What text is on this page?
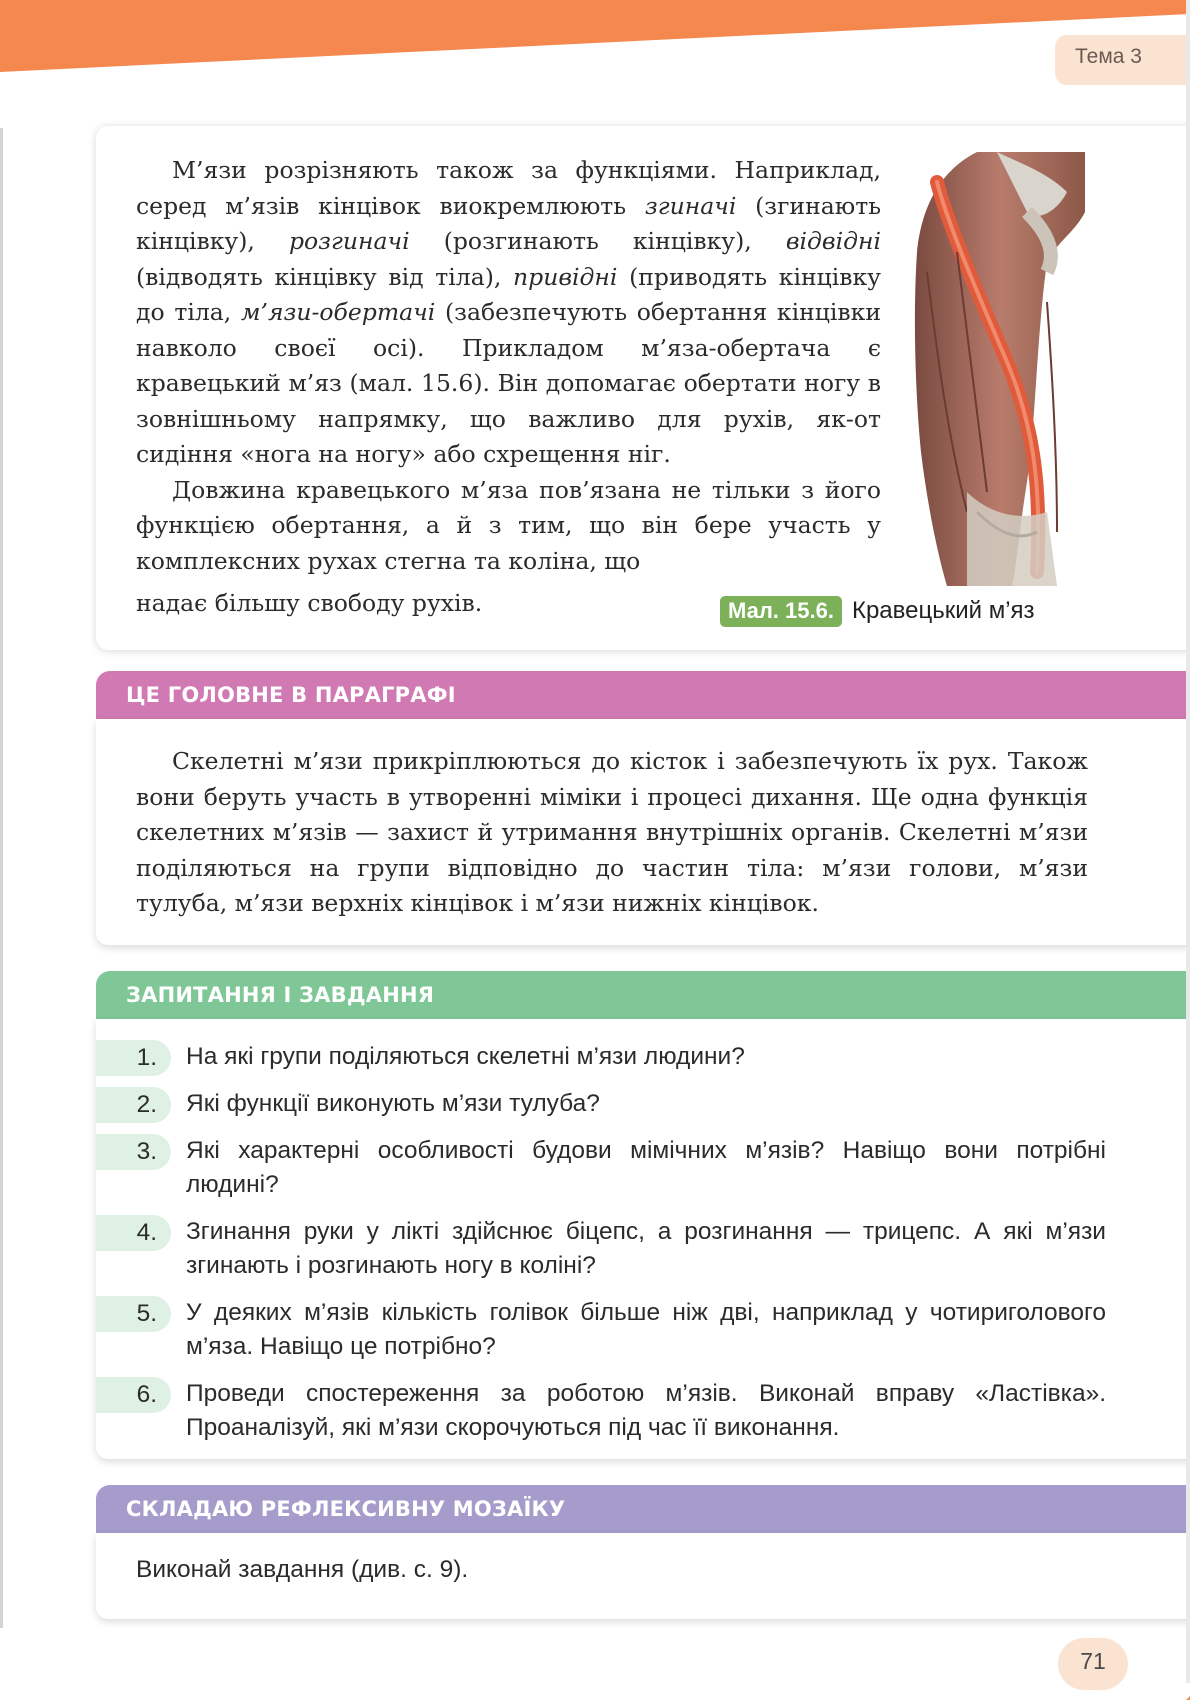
Тема 3

М’язи розрізняють також за функціями. Наприклад, серед м’язів кінцівок виокремлюють згиначі (згинають кінцівку), розгиначі (розгинають кінцівку), відвідні (відводять кінцівку від тіла), привідні (приводять кінцівку до тіла, м’язи-обертачі (забезпечують обертання кінцівки навколо своєї осі). Прикладом м’яза-обертача є кравецький м’яз (мал. 15.6). Він допомагає обертати ногу в зовнішньому напрямку, що важливо для рухів, як-от сидіння «нога на ногу» або схрещення ніг.

Довжина кравецького м’яза пов’язана не тільки з його функцією обертання, а й з тим, що він бере участь у комплексних рухах стегна та коліна, що

надає більшу свободу рухів.	Мал. 15.6. Кравецький м’яз
ЦЕ ГОЛОВНЕ В ПАРАГРАФІ

Скелетні м’язи прикріплюються до кісток і забезпечують їх рух. Також вони беруть участь в утворенні міміки і процесі дихання. Ще одна функція скелетних м’язів — захист й утримання внутрішніх органів. Скелетні м’язи поділяються на групи відповідно до частин тіла: м’язи голови, м’язи тулуба, м’язи верхніх кінцівок і м’язи нижніх кінцівок.

ЗАПИТАННЯ І ЗАВДАННЯ
1.	На які групи поділяються скелетні м’язи людини?
2.	Які функції виконують м’язи тулуба?
3.	Які характерні особливості будови мімічних м’язів? Навіщо вони потрібні людині?
4.	Згинання руки у лікті здійснює біцепс, а розгинання — трицепс. А які м’язи згинають і розгинають ногу в коліні?
5.	У деяких м’язів кількість голівок більше ніж дві, наприклад у чотириголового м’яза. Навіщо це потрібно?
6.	Проведи спостереження за роботою м’язів. Виконай вправу «Ластівка». Проаналізуй, які м’язи скорочуються під час її виконання.
СКЛАДАЮ РЕФЛЕКСИВНУ МОЗАЇКУ
Виконай завдання (див. с. 9).
71
